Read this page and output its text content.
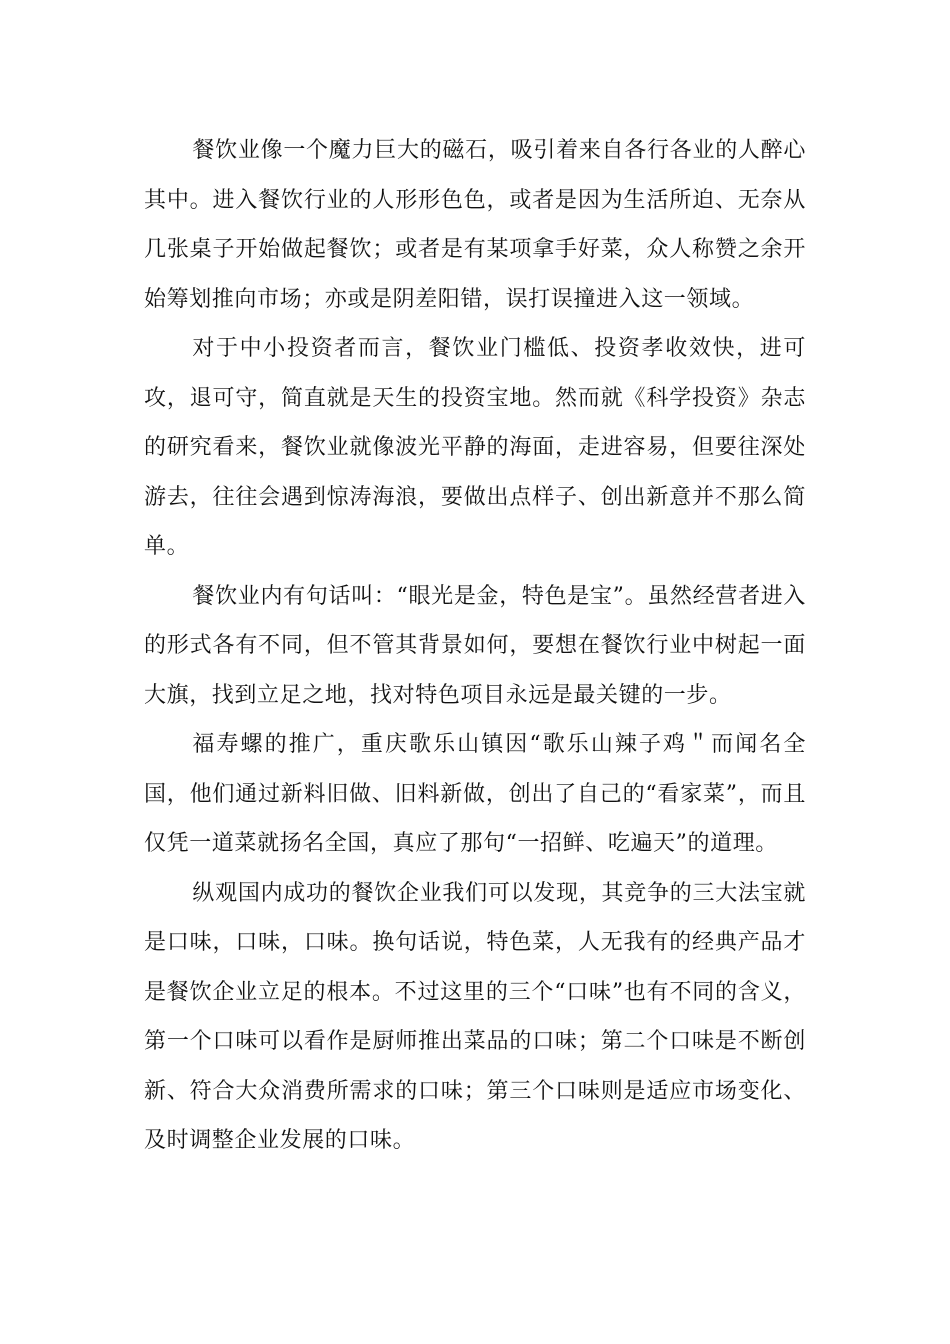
餐饮业像一个魔力巨大的磁石，吸引着来自各行各业的人醉心其中。进入餐饮行业的人形形色色，或者是因为生活所迫、无奈从几张桌子开始做起餐饮；或者是有某项拿手好菜，众人称赞之余开始筹划推向市场；亦或是阴差阳错，误打误撞进入这一领域。

对于中小投资者而言，餐饮业门槛低、投资孝收效快，进可攻，退可守，简直就是天生的投资宝地。然而就《科学投资》杂志的研究看来，餐饮业就像波光平静的海面，走进容易，但要往深处游去，往往会遇到惊涛海浪，要做出点样子、创出新意并不那么简单。

餐饮业内有句话叫：“眼光是金，特色是宝”。虽然经营者进入的形式各有不同，但不管其背景如何，要想在餐饮行业中树起一面大旗，找到立足之地，找对特色项目永远是最关键的一步。

福寿螺的推广，重庆歌乐山镇因“歌乐山辣子鸡＂而闻名全国，他们通过新料旧做、旧料新做，创出了自己的“看家菜”，而且仅凭一道菜就扬名全国，真应了那句“一招鲜、吃遍天”的道理。

纵观国内成功的餐饮企业我们可以发现，其竞争的三大法宝就是口味，口味，口味。换句话说，特色菜，人无我有的经典产品才是餐饮企业立足的根本。不过这里的三个“口味”也有不同的含义，第一个口味可以看作是厨师推出菜品的口味；第二个口味是不断创新、符合大众消费所需求的口味；第三个口味则是适应市场变化、及时调整企业发展的口味。
